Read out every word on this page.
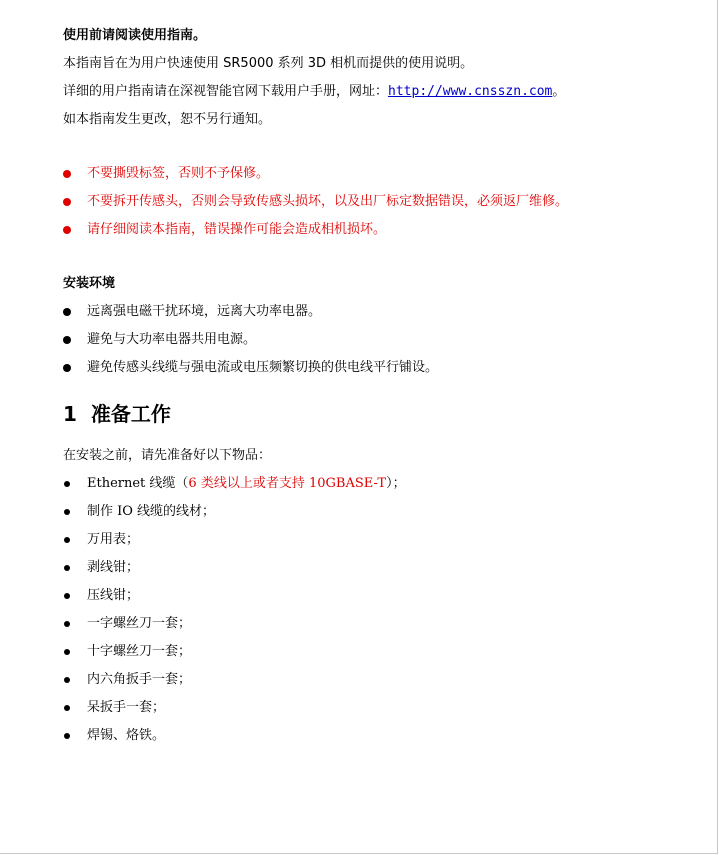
使用前请阅读使用指南。

本指南旨在为用户快速使用 SR5000 系列 3D 相机而提供的使用说明。

详细的用户指南请在深视智能官网下载用户手册，网址：http://www.cnsszn.com。

如本指南发生更改，恕不另行通知。

不要撕毁标签，否则不予保修。
不要拆开传感头，否则会导致传感头损坏，以及出厂标定数据错误，必须返厂维修。
请仔细阅读本指南，错误操作可能会造成相机损坏。

安装环境

远离强电磁干扰环境，远离大功率电器。
避免与大功率电器共用电源。
避免传感头线缆与强电流或电压频繁切换的供电线平行铺设。
1 准备工作

在安装之前，请先准备好以下物品：

Ethernet 线缆（6 类线以上或者支持 10GBASE-T）；
制作 IO 线缆的线材；
万用表；
剥线钳；
压线钳；
一字螺丝刀一套；
十字螺丝刀一套；
内六角扳手一套；
呆扳手一套；
焊锡、烙铁。
